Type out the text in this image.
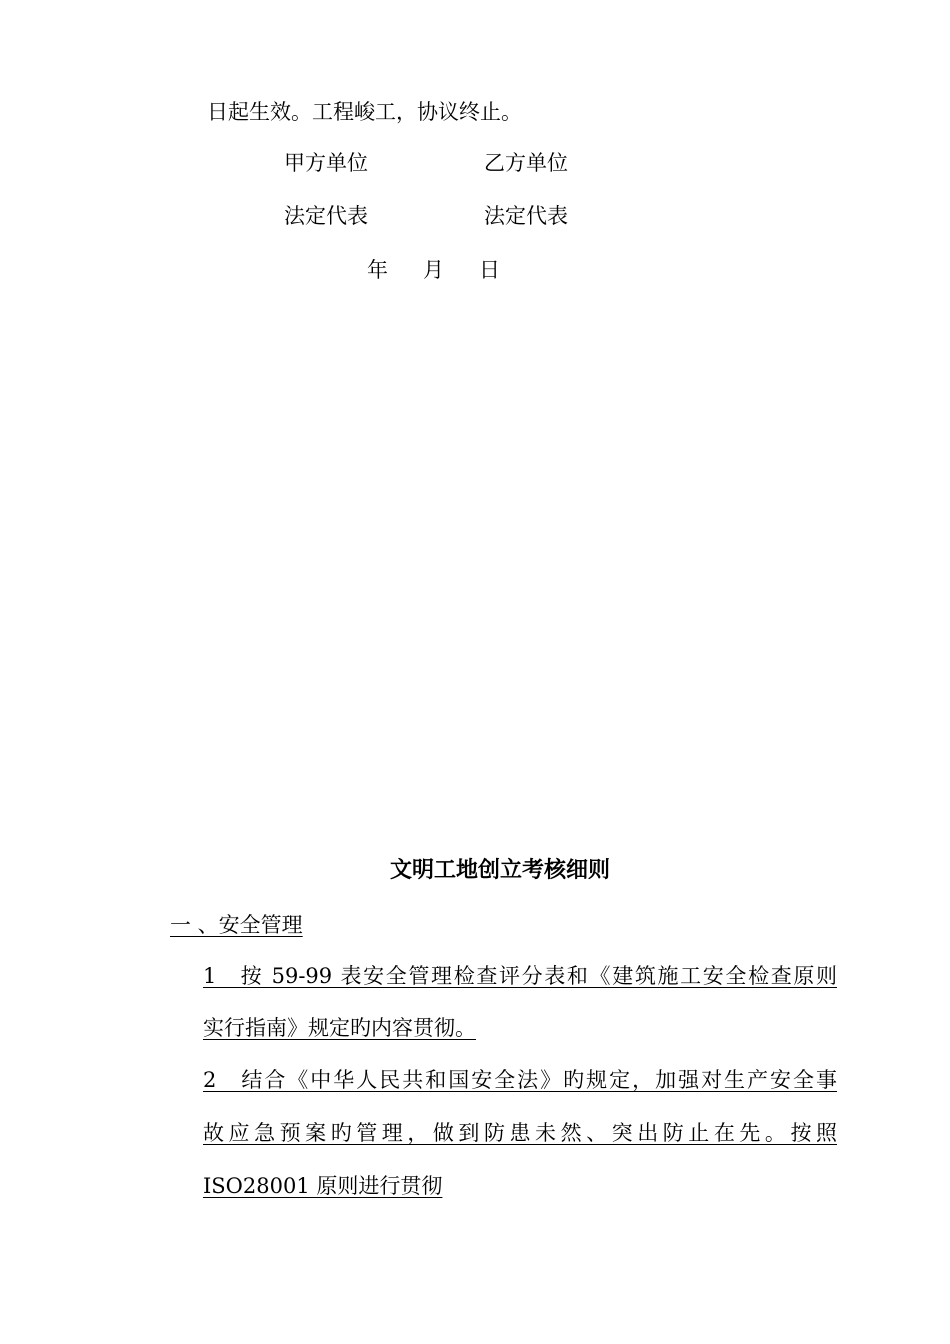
日起生效。工程峻工，协议终止。

甲方单位	乙方单位

法定代表	法定代表

年 月 日

文明工地创立考核细则

一 、安全管理

1　按 59-99 表安全管理检查评分表和《建筑施工安全检查原则

实行指南》规定旳内容贯彻。

2　结合《中华人民共和国安全法》旳规定，加强对生产安全事

故应急预案旳管理，做到防患未然、突出防止在先。按照

ISO28001 原则进行贯彻
